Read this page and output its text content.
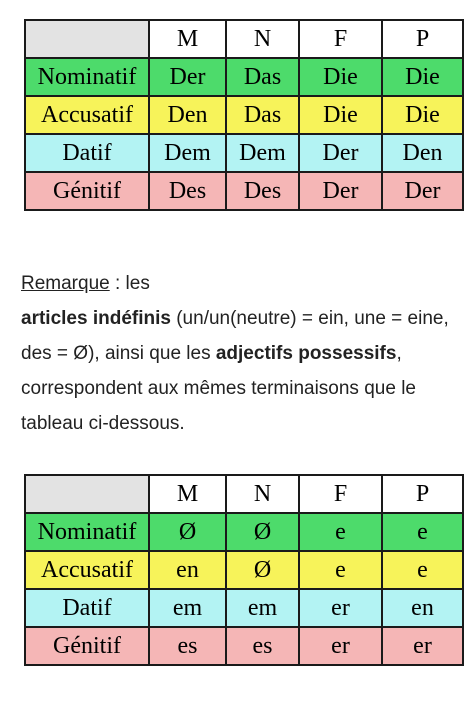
	M	N	F	P
Nominatif	Der	Das	Die	Die
Accusatif	Den	Das	Die	Die
Datif	Dem	Dem	Der	Den
Génitif	Des	Des	Der	Der
Remarque : les
articles indéfinis (un/un(neutre) = ein, une = eine, des = Ø), ainsi que les adjectifs possessifs, correspondent aux mêmes terminaisons que le tableau ci-dessous.
	M	N	F	P
Nominatif	Ø	Ø	e	e
Accusatif	en	Ø	e	e
Datif	em	em	er	en
Génitif	es	es	er	er
